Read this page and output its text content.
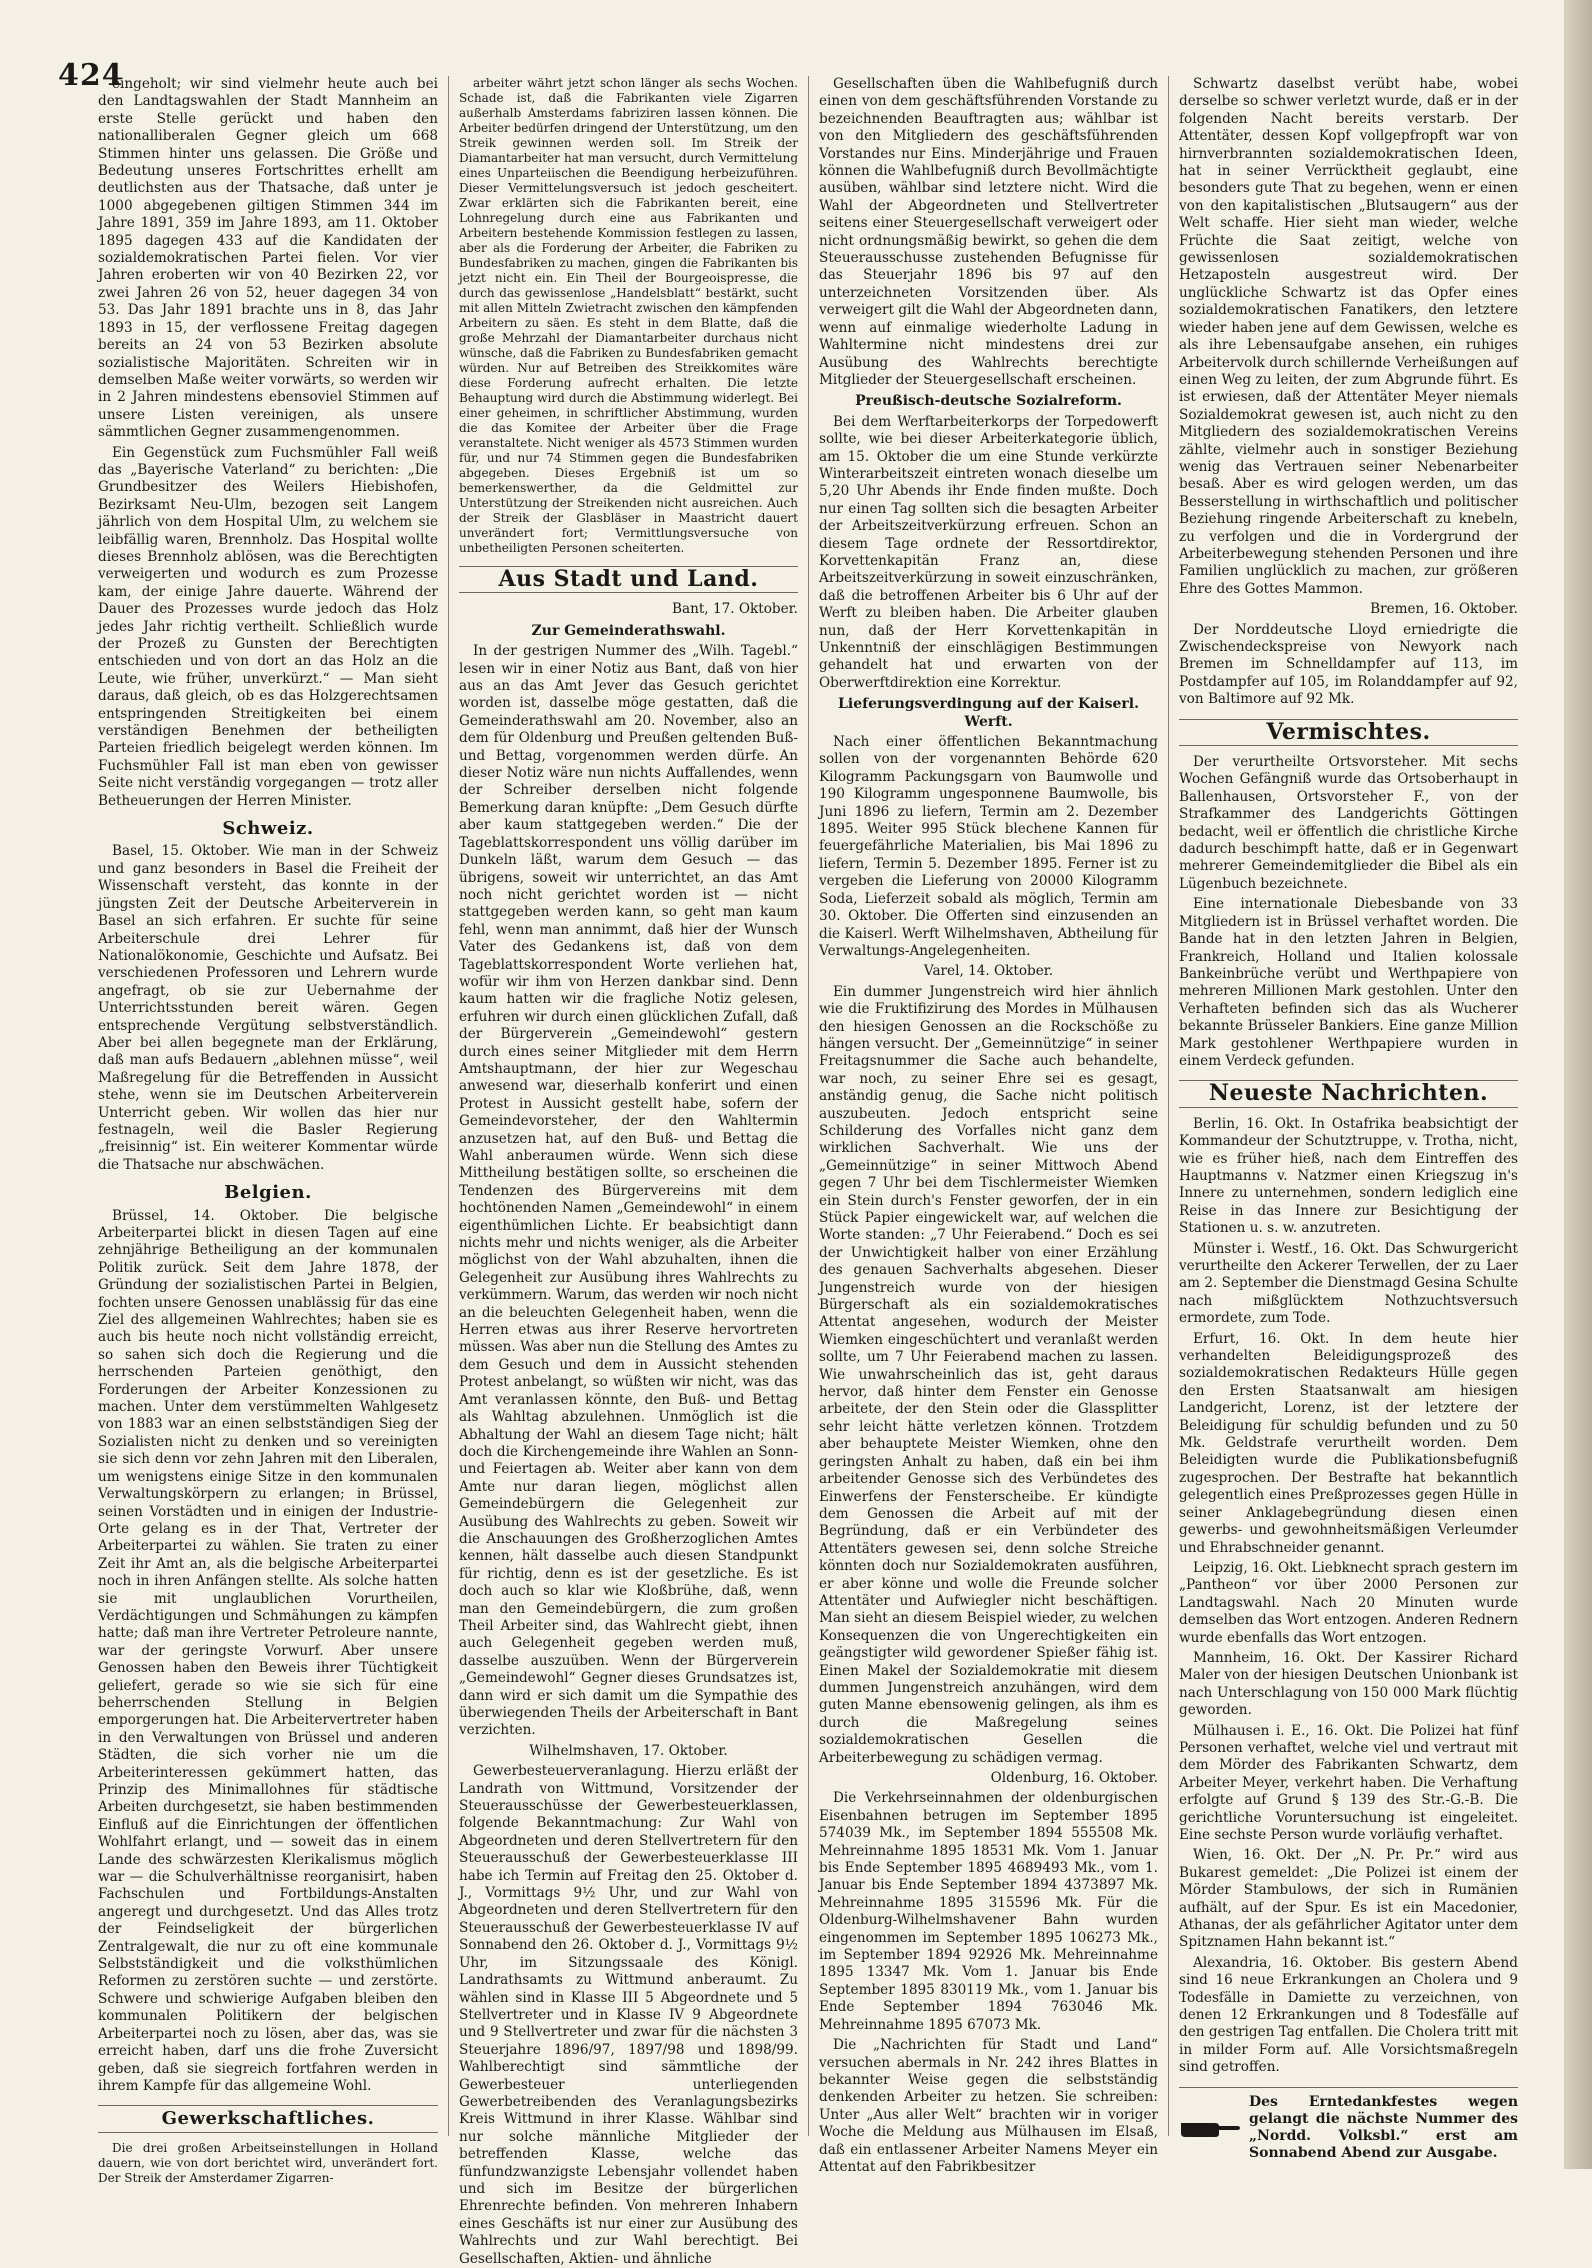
424

eingeholt; wir sind vielmehr heute auch bei den Landtagswahlen der Stadt Mannheim an erste Stelle gerückt und haben den nationalliberalen Gegner gleich um 668 Stimmen hinter uns gelassen. Die Größe und Bedeutung unseres Fortschrittes erhellt am deutlichsten aus der Thatsache, daß unter je 1000 abgegebenen giltigen Stimmen 344 im Jahre 1891, 359 im Jahre 1893, am 11. Oktober 1895 dagegen 433 auf die Kandidaten der sozialdemokratischen Partei fielen. Vor vier Jahren eroberten wir von 40 Bezirken 22, vor zwei Jahren 26 von 52, heuer dagegen 34 von 53. Das Jahr 1891 brachte uns in 8, das Jahr 1893 in 15, der verflossene Freitag dagegen bereits an 24 von 53 Bezirken absolute sozialistische Majoritäten. Schreiten wir in demselben Maße weiter vorwärts, so werden wir in 2 Jahren mindestens ebensoviel Stimmen auf unsere Listen vereinigen, als unsere sämmtlichen Gegner zusammengenommen.

Ein Gegenstück zum Fuchsmühler Fall weiß das „Bayerische Vaterland“ zu berichten: „Die Grundbesitzer des Weilers Hiebishofen, Bezirksamt Neu-Ulm, bezogen seit Langem jährlich von dem Hospital Ulm, zu welchem sie leibfällig waren, Brennholz. Das Hospital wollte dieses Brennholz ablösen, was die Berechtigten verweigerten und wodurch es zum Prozesse kam, der einige Jahre dauerte. Während der Dauer des Prozesses wurde jedoch das Holz jedes Jahr richtig vertheilt. Schließlich wurde der Prozeß zu Gunsten der Berechtigten entschieden und von dort an das Holz an die Leute, wie früher, unverkürzt.“ — Man sieht daraus, daß gleich, ob es das Holzgerechtsamen entspringenden Streitigkeiten bei einem verständigen Benehmen der betheiligten Parteien friedlich beigelegt werden können. Im Fuchsmühler Fall ist man eben von gewisser Seite nicht verständig vorgegangen — trotz aller Betheuerungen der Herren Minister.

Schweiz.

Basel, 15. Oktober. Wie man in der Schweiz und ganz besonders in Basel die Freiheit der Wissenschaft versteht, das konnte in der jüngsten Zeit der Deutsche Arbeiterverein in Basel an sich erfahren. Er suchte für seine Arbeiterschule drei Lehrer für Nationalökonomie, Geschichte und Aufsatz. Bei verschiedenen Professoren und Lehrern wurde angefragt, ob sie zur Uebernahme der Unterrichtsstunden bereit wären. Gegen entsprechende Vergütung selbstverständlich. Aber bei allen begegnete man der Erklärung, daß man aufs Bedauern „ablehnen müsse“, weil Maßregelung für die Betreffenden in Aussicht stehe, wenn sie im Deutschen Arbeiterverein Unterricht geben. Wir wollen das hier nur festnageln, weil die Basler Regierung „freisinnig“ ist. Ein weiterer Kommentar würde die Thatsache nur abschwächen.

Belgien.

Brüssel, 14. Oktober. Die belgische Arbeiterpartei blickt in diesen Tagen auf eine zehnjährige Betheiligung an der kommunalen Politik zurück. Seit dem Jahre 1878, der Gründung der sozialistischen Partei in Belgien, fochten unsere Genossen unablässig für das eine Ziel des allgemeinen Wahlrechtes; haben sie es auch bis heute noch nicht vollständig erreicht, so sahen sich doch die Regierung und die herrschenden Parteien genöthigt, den Forderungen der Arbeiter Konzessionen zu machen. Unter dem verstümmelten Wahlgesetz von 1883 war an einen selbstständigen Sieg der Sozialisten nicht zu denken und so vereinigten sie sich denn vor zehn Jahren mit den Liberalen, um wenigstens einige Sitze in den kommunalen Verwaltungskörpern zu erlangen; in Brüssel, seinen Vorstädten und in einigen der Industrie-Orte gelang es in der That, Vertreter der Arbeiterpartei zu wählen. Sie traten zu einer Zeit ihr Amt an, als die belgische Arbeiterpartei noch in ihren Anfängen stellte. Als solche hatten sie mit unglaublichen Vorurtheilen, Verdächtigungen und Schmähungen zu kämpfen hatte; daß man ihre Vertreter Petroleure nannte, war der geringste Vorwurf. Aber unsere Genossen haben den Beweis ihrer Tüchtigkeit geliefert, gerade so wie sie sich für eine beherrschenden Stellung in Belgien emporgerungen hat. Die Arbeitervertreter haben in den Verwaltungen von Brüssel und anderen Städten, die sich vorher nie um die Arbeiterinteressen gekümmert hatten, das Prinzip des Minimallohnes für städtische Arbeiten durchgesetzt, sie haben bestimmenden Einfluß auf die Einrichtungen der öffentlichen Wohlfahrt erlangt, und — soweit das in einem Lande des schwärzesten Klerikalismus möglich war — die Schulverhältnisse reorganisirt, haben Fachschulen und Fortbildungs-Anstalten angeregt und durchgesetzt. Und das Alles trotz der Feindseligkeit der bürgerlichen Zentralgewalt, die nur zu oft eine kommunale Selbstständigkeit und die volksthümlichen Reformen zu zerstören suchte — und zerstörte. Schwere und schwierige Aufgaben bleiben den kommunalen Politikern der belgischen Arbeiterpartei noch zu lösen, aber das, was sie erreicht haben, darf uns die frohe Zuversicht geben, daß sie siegreich fortfahren werden in ihrem Kampfe für das allgemeine Wohl.

Gewerkschaftliches.

Die drei großen Arbeitseinstellungen in Holland dauern, wie von dort berichtet wird, unverändert fort. Der Streik der Amsterdamer Zigarren-

arbeiter währt jetzt schon länger als sechs Wochen. Schade ist, daß die Fabrikanten viele Zigarren außerhalb Amsterdams fabriziren lassen können. Die Arbeiter bedürfen dringend der Unterstützung, um den Streik gewinnen werden soll. Im Streik der Diamantarbeiter hat man versucht, durch Vermittelung eines Unparteiischen die Beendigung herbeizuführen. Dieser Vermittelungsversuch ist jedoch gescheitert. Zwar erklärten sich die Fabrikanten bereit, eine Lohnregelung durch eine aus Fabrikanten und Arbeitern bestehende Kommission festlegen zu lassen, aber als die Forderung der Arbeiter, die Fabriken zu Bundesfabriken zu machen, gingen die Fabrikanten bis jetzt nicht ein. Ein Theil der Bourgeoispresse, die durch das gewissenlose „Handelsblatt“ bestärkt, sucht mit allen Mitteln Zwietracht zwischen den kämpfenden Arbeitern zu säen. Es steht in dem Blatte, daß die große Mehrzahl der Diamantarbeiter durchaus nicht wünsche, daß die Fabriken zu Bundesfabriken gemacht würden. Nur auf Betreiben des Streikkomites wäre diese Forderung aufrecht erhalten. Die letzte Behauptung wird durch die Abstimmung widerlegt. Bei einer geheimen, in schriftlicher Abstimmung, wurden die das Komitee der Arbeiter über die Frage veranstaltete. Nicht weniger als 4573 Stimmen wurden für, und nur 74 Stimmen gegen die Bundesfabriken abgegeben. Dieses Ergebniß ist um so bemerkenswerther, da die Geldmittel zur Unterstützung der Streikenden nicht ausreichen. Auch der Streik der Glasbläser in Maastricht dauert unverändert fort; Vermittlungsversuche von unbetheiligten Personen scheiterten.

Aus Stadt und Land.

Bant, 17. Oktober.

Zur Gemeinderathswahl.

In der gestrigen Nummer des „Wilh. Tagebl.“ lesen wir in einer Notiz aus Bant, daß von hier aus an das Amt Jever das Gesuch gerichtet worden ist, dasselbe möge gestatten, daß die Gemeinderathswahl am 20. November, also an dem für Oldenburg und Preußen geltenden Buß- und Bettag, vorgenommen werden dürfe. An dieser Notiz wäre nun nichts Auffallendes, wenn der Schreiber derselben nicht folgende Bemerkung daran knüpfte: „Dem Gesuch dürfte aber kaum stattgegeben werden.“ Die der Tageblattskorrespondent uns völlig darüber im Dunkeln läßt, warum dem Gesuch — das übrigens, soweit wir unterrichtet, an das Amt noch nicht gerichtet worden ist — nicht stattgegeben werden kann, so geht man kaum fehl, wenn man annimmt, daß hier der Wunsch Vater des Gedankens ist, daß von dem Tageblattskorrespondent Worte verliehen hat, wofür wir ihm von Herzen dankbar sind. Denn kaum hatten wir die fragliche Notiz gelesen, erfuhren wir durch einen glücklichen Zufall, daß der Bürgerverein „Gemeindewohl“ gestern durch eines seiner Mitglieder mit dem Herrn Amtshauptmann, der hier zur Wegeschau anwesend war, dieserhalb konferirt und einen Protest in Aussicht gestellt habe, sofern der Gemeindevorsteher, der den Wahltermin anzusetzen hat, auf den Buß- und Bettag die Wahl anberaumen würde. Wenn sich diese Mittheilung bestätigen sollte, so erscheinen die Tendenzen des Bürgervereins mit dem hochtönenden Namen „Gemeindewohl“ in einem eigenthümlichen Lichte. Er beabsichtigt dann nichts mehr und nichts weniger, als die Arbeiter möglichst von der Wahl abzuhalten, ihnen die Gelegenheit zur Ausübung ihres Wahlrechts zu verkümmern. Warum, das werden wir noch nicht an die beleuchten Gelegenheit haben, wenn die Herren etwas aus ihrer Reserve hervortreten müssen. Was aber nun die Stellung des Amtes zu dem Gesuch und dem in Aussicht stehenden Protest anbelangt, so wüßten wir nicht, was das Amt veranlassen könnte, den Buß- und Bettag als Wahltag abzulehnen. Unmöglich ist die Abhaltung der Wahl an diesem Tage nicht; hält doch die Kirchengemeinde ihre Wahlen an Sonn- und Feiertagen ab. Weiter aber kann von dem Amte nur daran liegen, möglichst allen Gemeindebürgern die Gelegenheit zur Ausübung des Wahlrechts zu geben. Soweit wir die Anschauungen des Großherzoglichen Amtes kennen, hält dasselbe auch diesen Standpunkt für richtig, denn es ist der gesetzliche. Es ist doch auch so klar wie Kloßbrühe, daß, wenn man den Gemeindebürgern, die zum großen Theil Arbeiter sind, das Wahlrecht giebt, ihnen auch Gelegenheit gegeben werden muß, dasselbe auszuüben. Wenn der Bürgerverein „Gemeindewohl“ Gegner dieses Grundsatzes ist, dann wird er sich damit um die Sympathie des überwiegenden Theils der Arbeiterschaft in Bant verzichten.

Wilhelmshaven, 17. Oktober.

Gewerbesteuerveranlagung. Hierzu erläßt der Landrath von Wittmund, Vorsitzender der Steuerausschüsse der Gewerbesteuerklassen, folgende Bekanntmachung: Zur Wahl von Abgeordneten und deren Stellvertretern für den Steuerausschuß der Gewerbesteuerklasse III habe ich Termin auf Freitag den 25. Oktober d. J., Vormittags 9½ Uhr, und zur Wahl von Abgeordneten und deren Stellvertretern für den Steuerausschuß der Gewerbesteuerklasse IV auf Sonnabend den 26. Oktober d. J., Vormittags 9½ Uhr, im Sitzungssaale des Königl. Landrathsamts zu Wittmund anberaumt. Zu wählen sind in Klasse III 5 Abgeordnete und 5 Stellvertreter und in Klasse IV 9 Abgeordnete und 9 Stellvertreter und zwar für die nächsten 3 Steuerjahre 1896/97, 1897/98 und 1898/99. Wahlberechtigt sind sämmtliche der Gewerbesteuer unterliegenden Gewerbetreibenden des Veranlagungsbezirks Kreis Wittmund in ihrer Klasse. Wählbar sind nur solche männliche Mitglieder der betreffenden Klasse, welche das fünfundzwanzigste Lebensjahr vollendet haben und sich im Besitze der bürgerlichen Ehrenrechte befinden. Von mehreren Inhabern eines Geschäfts ist nur einer zur Ausübung des Wahlrechts und zur Wahl berechtigt. Bei Gesellschaften, Aktien- und ähnliche

Gesellschaften üben die Wahlbefugniß durch einen von dem geschäftsführenden Vorstande zu bezeichnenden Beauftragten aus; wählbar ist von den Mitgliedern des geschäftsführenden Vorstandes nur Eins. Minderjährige und Frauen können die Wahlbefugniß durch Bevollmächtigte ausüben, wählbar sind letztere nicht. Wird die Wahl der Abgeordneten und Stellvertreter seitens einer Steuergesellschaft verweigert oder nicht ordnungsmäßig bewirkt, so gehen die dem Steuerausschusse zustehenden Befugnisse für das Steuerjahr 1896 bis 97 auf den unterzeichneten Vorsitzenden über. Als verweigert gilt die Wahl der Abgeordneten dann, wenn auf einmalige wiederholte Ladung in Wahltermine nicht mindestens drei zur Ausübung des Wahlrechts berechtigte Mitglieder der Steuergesellschaft erscheinen.

Preußisch-deutsche Sozialreform.

Bei dem Werftarbeiterkorps der Torpedowerft sollte, wie bei dieser Arbeiterkategorie üblich, am 15. Oktober die um eine Stunde verkürzte Winterarbeitszeit eintreten wonach dieselbe um 5,20 Uhr Abends ihr Ende finden mußte. Doch nur einen Tag sollten sich die besagten Arbeiter der Arbeitszeitverkürzung erfreuen. Schon an diesem Tage ordnete der Ressortdirektor, Korvettenkapitän Franz an, diese Arbeitszeitverkürzung in soweit einzuschränken, daß die betroffenen Arbeiter bis 6 Uhr auf der Werft zu bleiben haben. Die Arbeiter glauben nun, daß der Herr Korvettenkapitän in Unkenntniß der einschlägigen Bestimmungen gehandelt hat und erwarten von der Oberwerftdirektion eine Korrektur.

Lieferungsverdingung auf der Kaiserl. Werft.

Nach einer öffentlichen Bekanntmachung sollen von der vorgenannten Behörde 620 Kilogramm Packungsgarn von Baumwolle und 190 Kilogramm ungesponnene Baumwolle, bis Juni 1896 zu liefern, Termin am 2. Dezember 1895. Weiter 995 Stück blechene Kannen für feuergefährliche Materialien, bis Mai 1896 zu liefern, Termin 5. Dezember 1895. Ferner ist zu vergeben die Lieferung von 20000 Kilogramm Soda, Lieferzeit sobald als möglich, Termin am 30. Oktober. Die Offerten sind einzusenden an die Kaiserl. Werft Wilhelmshaven, Abtheilung für Verwaltungs-Angelegenheiten.

Varel, 14. Oktober.

Ein dummer Jungenstreich wird hier ähnlich wie die Fruktifizirung des Mordes in Mülhausen den hiesigen Genossen an die Rockschöße zu hängen versucht. Der „Gemeinnützige“ in seiner Freitagsnummer die Sache auch behandelte, war noch, zu seiner Ehre sei es gesagt, anständig genug, die Sache nicht politisch auszubeuten. Jedoch entspricht seine Schilderung des Vorfalles nicht ganz dem wirklichen Sachverhalt. Wie uns der „Gemeinnützige“ in seiner Mittwoch Abend gegen 7 Uhr bei dem Tischlermeister Wiemken ein Stein durch's Fenster geworfen, der in ein Stück Papier eingewickelt war, auf welchen die Worte standen: „7 Uhr Feierabend.“ Doch es sei der Unwichtigkeit halber von einer Erzählung des genauen Sachverhalts abgesehen. Dieser Jungenstreich wurde von der hiesigen Bürgerschaft als ein sozialdemokratisches Attentat angesehen, wodurch der Meister Wiemken eingeschüchtert und veranlaßt werden sollte, um 7 Uhr Feierabend machen zu lassen. Wie unwahrscheinlich das ist, geht daraus hervor, daß hinter dem Fenster ein Genosse arbeitete, der den Stein oder die Glassplitter sehr leicht hätte verletzen können. Trotzdem aber behauptete Meister Wiemken, ohne den geringsten Anhalt zu haben, daß ein bei ihm arbeitender Genosse sich des Verbündetes des Einwerfens der Fensterscheibe. Er kündigte dem Genossen die Arbeit auf mit der Begründung, daß er ein Verbündeter des Attentäters gewesen sei, denn solche Streiche könnten doch nur Sozialdemokraten ausführen, er aber könne und wolle die Freunde solcher Attentäter und Aufwiegler nicht beschäftigen. Man sieht an diesem Beispiel wieder, zu welchen Konsequenzen die von Ungerechtigkeiten ein geängstigter wild gewordener Spießer fähig ist. Einen Makel der Sozialdemokratie mit diesem dummen Jungenstreich anzuhängen, wird dem guten Manne ebensowenig gelingen, als ihm es durch die Maßregelung seines sozialdemokratischen Gesellen die Arbeiterbewegung zu schädigen vermag.

Oldenburg, 16. Oktober.

Die Verkehrseinnahmen der oldenburgischen Eisenbahnen betrugen im September 1895 574039 Mk., im September 1894 555508 Mk. Mehreinnahme 1895 18531 Mk. Vom 1. Januar bis Ende September 1895 4689493 Mk., vom 1. Januar bis Ende September 1894 4373897 Mk. Mehreinnahme 1895 315596 Mk. Für die Oldenburg-Wilhelmshavener Bahn wurden eingenommen im September 1895 106273 Mk., im September 1894 92926 Mk. Mehreinnahme 1895 13347 Mk. Vom 1. Januar bis Ende September 1895 830119 Mk., vom 1. Januar bis Ende September 1894 763046 Mk. Mehreinnahme 1895 67073 Mk.

Die „Nachrichten für Stadt und Land“ versuchen abermals in Nr. 242 ihres Blattes in bekannter Weise gegen die selbstständig denkenden Arbeiter zu hetzen. Sie schreiben: Unter „Aus aller Welt“ brachten wir in voriger Woche die Meldung aus Mülhausen im Elsaß, daß ein entlassener Arbeiter Namens Meyer ein Attentat auf den Fabrikbesitzer

Schwartz daselbst verübt habe, wobei derselbe so schwer verletzt wurde, daß er in der folgenden Nacht bereits verstarb. Der Attentäter, dessen Kopf vollgepfropft war von hirnverbrannten sozialdemokratischen Ideen, hat in seiner Verrücktheit geglaubt, eine besonders gute That zu begehen, wenn er einen von den kapitalistischen „Blutsaugern“ aus der Welt schaffe. Hier sieht man wieder, welche Früchte die Saat zeitigt, welche von gewissenlosen sozialdemokratischen Hetzaposteln ausgestreut wird. Der unglückliche Schwartz ist das Opfer eines sozialdemokratischen Fanatikers, den letztere wieder haben jene auf dem Gewissen, welche es als ihre Lebensaufgabe ansehen, ein ruhiges Arbeitervolk durch schillernde Verheißungen auf einen Weg zu leiten, der zum Abgrunde führt. Es ist erwiesen, daß der Attentäter Meyer niemals Sozialdemokrat gewesen ist, auch nicht zu den Mitgliedern des sozialdemokratischen Vereins zählte, vielmehr auch in sonstiger Beziehung wenig das Vertrauen seiner Nebenarbeiter besaß. Aber es wird gelogen werden, um das Besserstellung in wirthschaftlich und politischer Beziehung ringende Arbeiterschaft zu knebeln, zu verfolgen und die in Vordergrund der Arbeiterbewegung stehenden Personen und ihre Familien unglücklich zu machen, zur größeren Ehre des Gottes Mammon.

Bremen, 16. Oktober.

Der Norddeutsche Lloyd erniedrigte die Zwischendeckspreise von Newyork nach Bremen im Schnelldampfer auf 113, im Postdampfer auf 105, im Rolanddampfer auf 92, von Baltimore auf 92 Mk.

Vermischtes.

Der verurtheilte Ortsvorsteher. Mit sechs Wochen Gefängniß wurde das Ortsoberhaupt in Ballenhausen, Ortsvorsteher F., von der Strafkammer des Landgerichts Göttingen bedacht, weil er öffentlich die christliche Kirche dadurch beschimpft hatte, daß er in Gegenwart mehrerer Gemeindemitglieder die Bibel als ein Lügenbuch bezeichnete.

Eine internationale Diebesbande von 33 Mitgliedern ist in Brüssel verhaftet worden. Die Bande hat in den letzten Jahren in Belgien, Frankreich, Holland und Italien kolossale Bankeinbrüche verübt und Werthpapiere von mehreren Millionen Mark gestohlen. Unter den Verhafteten befinden sich das als Wucherer bekannte Brüsseler Bankiers. Eine ganze Million Mark gestohlener Werthpapiere wurden in einem Verdeck gefunden.

Neueste Nachrichten.

Berlin, 16. Okt. In Ostafrika beabsichtigt der Kommandeur der Schutztruppe, v. Trotha, nicht, wie es früher hieß, nach dem Eintreffen des Hauptmanns v. Natzmer einen Kriegszug in's Innere zu unternehmen, sondern lediglich eine Reise in das Innere zur Besichtigung der Stationen u. s. w. anzutreten.

Münster i. Westf., 16. Okt. Das Schwurgericht verurtheilte den Ackerer Terwellen, der zu Laer am 2. September die Dienstmagd Gesina Schulte nach mißglücktem Nothzuchtsversuch ermordete, zum Tode.

Erfurt, 16. Okt. In dem heute hier verhandelten Beleidigungsprozeß des sozialdemokratischen Redakteurs Hülle gegen den Ersten Staatsanwalt am hiesigen Landgericht, Lorenz, ist der letztere der Beleidigung für schuldig befunden und zu 50 Mk. Geldstrafe verurtheilt worden. Dem Beleidigten wurde die Publikationsbefugniß zugesprochen. Der Bestrafte hat bekanntlich gelegentlich eines Preßprozesses gegen Hülle in seiner Anklagebegründung diesen einen gewerbs- und gewohnheitsmäßigen Verleumder und Ehrabschneider genannt.

Leipzig, 16. Okt. Liebknecht sprach gestern im „Pantheon“ vor über 2000 Personen zur Landtagswahl. Nach 20 Minuten wurde demselben das Wort entzogen. Anderen Rednern wurde ebenfalls das Wort entzogen.

Mannheim, 16. Okt. Der Kassirer Richard Maler von der hiesigen Deutschen Unionbank ist nach Unterschlagung von 150 000 Mark flüchtig geworden.

Mülhausen i. E., 16. Okt. Die Polizei hat fünf Personen verhaftet, welche viel und vertraut mit dem Mörder des Fabrikanten Schwartz, dem Arbeiter Meyer, verkehrt haben. Die Verhaftung erfolgte auf Grund § 139 des Str.-G.-B. Die gerichtliche Voruntersuchung ist eingeleitet. Eine sechste Person wurde vorläufig verhaftet.

Wien, 16. Okt. Der „N. Pr. Pr.“ wird aus Bukarest gemeldet: „Die Polizei ist einem der Mörder Stambulows, der sich in Rumänien aufhält, auf der Spur. Es ist ein Macedonier, Athanas, der als gefährlicher Agitator unter dem Spitznamen Hahn bekannt ist.“

Alexandria, 16. Oktober. Bis gestern Abend sind 16 neue Erkrankungen an Cholera und 9 Todesfälle in Damiette zu verzeichnen, von denen 12 Erkrankungen und 8 Todesfälle auf den gestrigen Tag entfallen. Die Cholera tritt mit in milder Form auf. Alle Vorsichtsmaßregeln sind getroffen.

Des Erntedankfestes wegen gelangt die nächste Nummer des „Nordd. Volksbl.“ erst am Sonnabend Abend zur Ausgabe.
